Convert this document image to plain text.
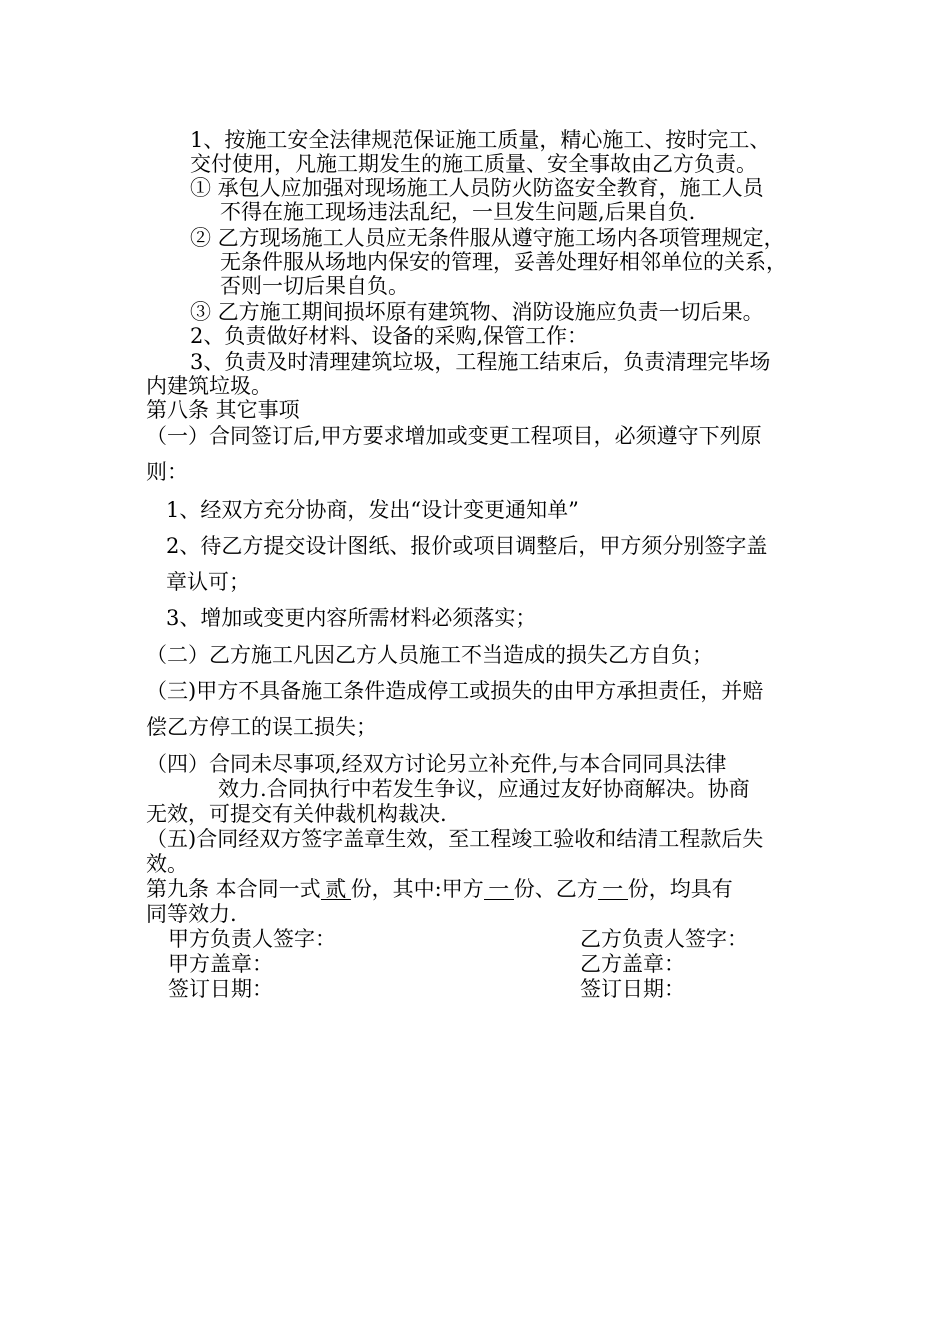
1、按施工安全法律规范保证施工质量，精心施工、按时完工、
交付使用，凡施工期发生的施工质量、安全事故由乙方负责。
① 承包人应加强对现场施工人员防火防盗安全教育，施工人员
不得在施工现场违法乱纪，一旦发生问题,后果自负.
② 乙方现场施工人员应无条件服从遵守施工场内各项管理规定，
无条件服从场地内保安的管理，妥善处理好相邻单位的关系，
否则一切后果自负。
③ 乙方施工期间损坏原有建筑物、消防设施应负责一切后果。
2、负责做好材料、设备的采购,保管工作：
3、负责及时清理建筑垃圾，工程施工结束后，负责清理完毕场
内建筑垃圾。
第八条 其它事项
（一）合同签订后,甲方要求增加或变更工程项目，必须遵守下列原
则：
1、经双方充分协商，发出“设计变更通知单”
2、待乙方提交设计图纸、报价或项目调整后，甲方须分别签字盖
章认可；
3、增加或变更内容所需材料必须落实；
（二）乙方施工凡因乙方人员施工不当造成的损失乙方自负；
（三)甲方不具备施工条件造成停工或损失的由甲方承担责任，并赔
偿乙方停工的误工损失；
（四）合同未尽事项,经双方讨论另立补充件,与本合同同具法律
效力.合同执行中若发生争议，应通过友好协商解决。协商
无效，可提交有关仲裁机构裁决.
（五)合同经双方签字盖章生效，至工程竣工验收和结清工程款后失
效。
第九条 本合同一式 贰 份，其中:甲方 一 份、乙方 一 份，均具有
同等效力.
甲方负责人签字：	乙方负责人签字：
甲方盖章：	乙方盖章：
签订日期：	签订日期：
